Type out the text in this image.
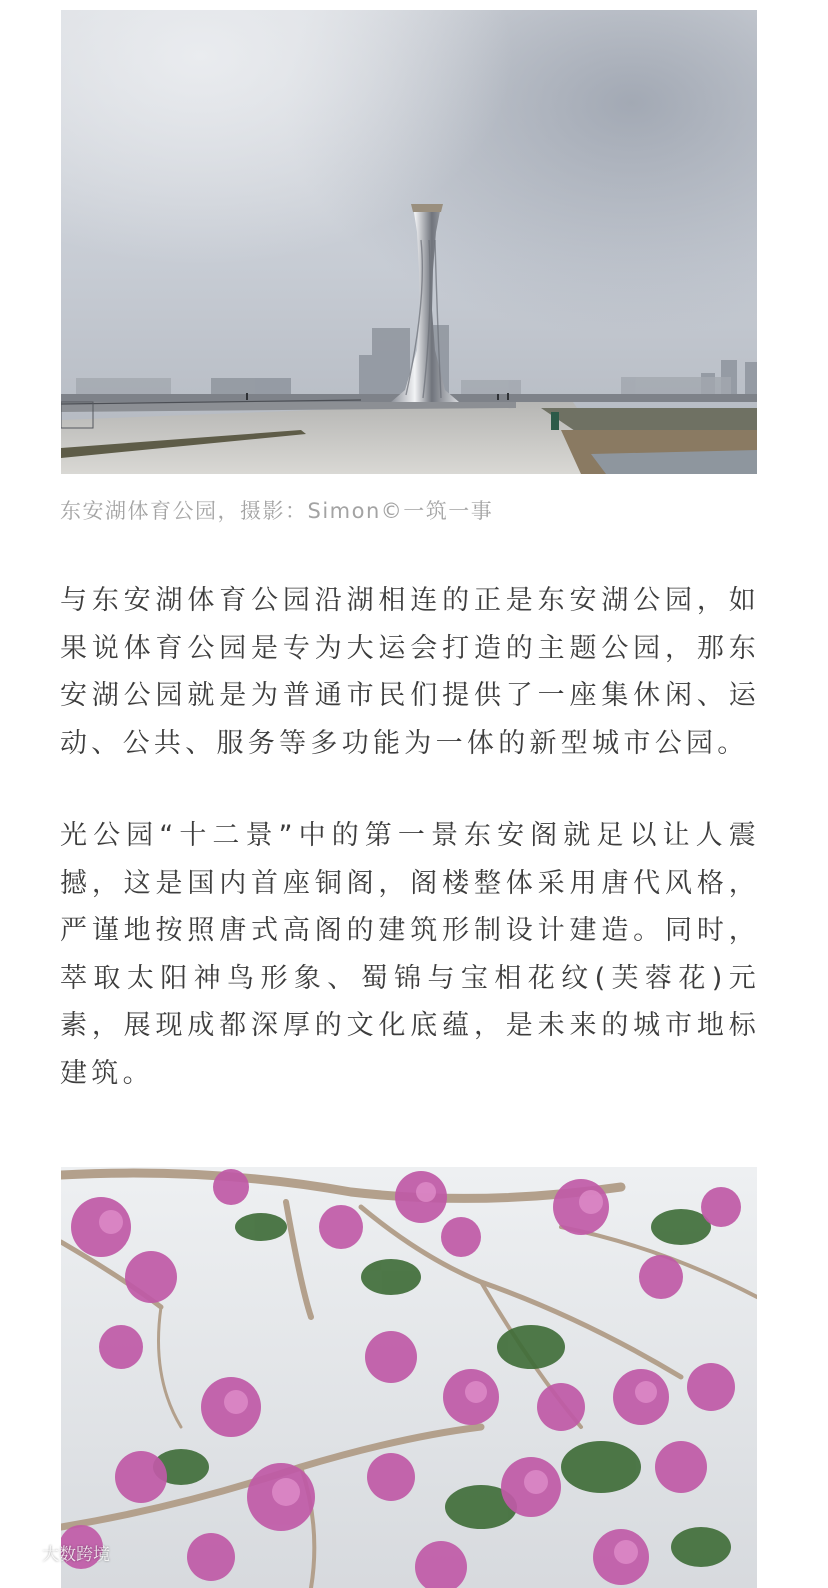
东安湖体育公园，摄影：Simon©一筑一事

与东安湖体育公园沿湖相连的正是东安湖公园，如果说体育公园是专为大运会打造的主题公园，那东安湖公园就是为普通市民们提供了一座集休闲、运动、公共、服务等多功能为一体的新型城市公园。

光公园“十二景”中的第一景东安阁就足以让人震撼，这是国内首座铜阁，阁楼整体采用唐代风格，严谨地按照唐式高阁的建筑形制设计建造。同时，萃取太阳神鸟形象、蜀锦与宝相花纹(芙蓉花)元素，展现成都深厚的文化底蕴，是未来的城市地标建筑。

大数跨境
